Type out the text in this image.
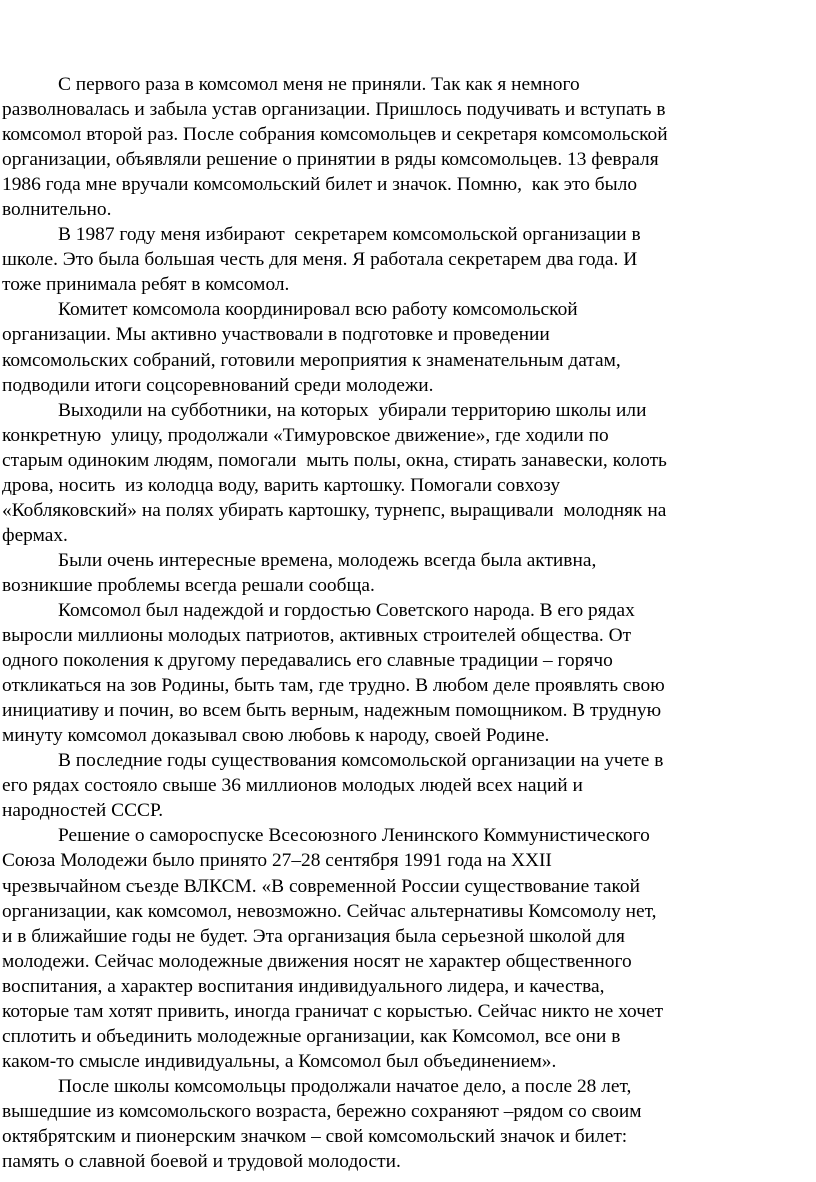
С первого раза в комсомол меня не приняли. Так как я немного
разволновалась и забыла устав организации. Пришлось подучивать и вступать в
комсомол второй раз. После собрания комсомольцев и секретаря комсомольской
организации, объявляли решение о принятии в ряды комсомольцев. 13 февраля
1986 года мне вручали комсомольский билет и значок. Помню,  как это было
волнительно.
В 1987 году меня избирают  секретарем комсомольской организации в
школе. Это была большая честь для меня. Я работала секретарем два года. И
тоже принимала ребят в комсомол.
Комитет комсомола координировал всю работу комсомольской
организации. Мы активно участвовали в подготовке и проведении
комсомольских собраний, готовили мероприятия к знаменательным датам,
подводили итоги соцсоревнований среди молодежи.
Выходили на субботники, на которых  убирали территорию школы или
конкретную  улицу, продолжали «Тимуровское движение», где ходили по
старым одиноким людям, помогали  мыть полы, окна, стирать занавески, колоть
дрова, носить  из колодца воду, варить картошку. Помогали совхозу
«Кобляковский» на полях убирать картошку, турнепс, выращивали  молодняк на
фермах.
Были очень интересные времена, молодежь всегда была активна,
возникшие проблемы всегда решали сообща.
Комсомол был надеждой и гордостью Советского народа. В его рядах
выросли миллионы молодых патриотов, активных строителей общества. От
одного поколения к другому передавались его славные традиции – горячо
откликаться на зов Родины, быть там, где трудно. В любом деле проявлять свою
инициативу и почин, во всем быть верным, надежным помощником. В трудную
минуту комсомол доказывал свою любовь к народу, своей Родине.
В последние годы существования комсомольской организации на учете в
его рядах состояло свыше 36 миллионов молодых людей всех наций и
народностей СССР.
Решение о самороспуске Всесоюзного Ленинского Коммунистического
Союза Молодежи было принято 27–28 сентября 1991 года на XXII
чрезвычайном съезде ВЛКСМ. «В современной России существование такой
организации, как комсомол, невозможно. Сейчас альтернативы Комсомолу нет,
и в ближайшие годы не будет. Эта организация была серьезной школой для
молодежи. Сейчас молодежные движения носят не характер общественного
воспитания, а характер воспитания индивидуального лидера, и качества,
которые там хотят привить, иногда граничат с корыстью. Сейчас никто не хочет
сплотить и объединить молодежные организации, как Комсомол, все они в
каком-то смысле индивидуальны, а Комсомол был объединением».
После школы комсомольцы продолжали начатое дело, а после 28 лет,
вышедшие из комсомольского возраста, бережно сохраняют –рядом со своим
октябрятским и пионерским значком – свой комсомольский значок и билет:
память о славной боевой и трудовой молодости.
